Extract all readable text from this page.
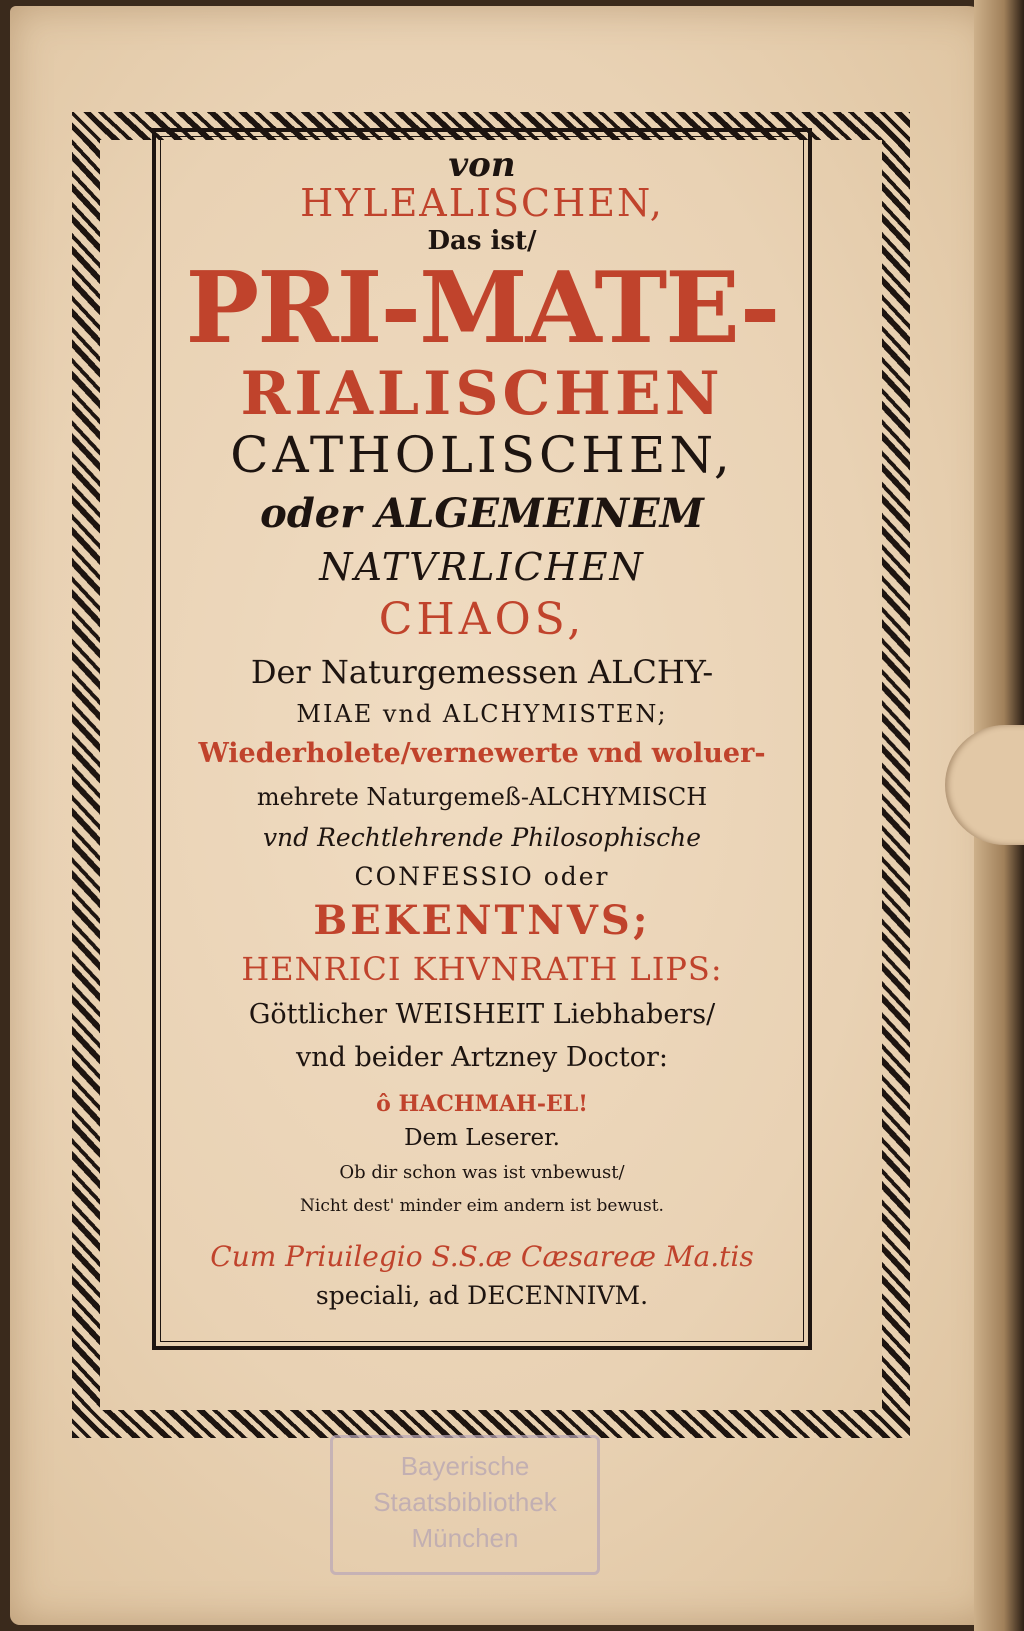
von
HYLEALISCHEN,
Das ist/
PRI-MATE-
RIALISCHEN
CATHOLISCHEN,
oder ALGEMEINEM
NATVRLICHEN
CHAOS,
Der Naturgemessen ALCHY-
MIAE vnd ALCHYMISTEN;
Wiederholete/vernewerte vnd woluer-
mehrete Naturgemeß-ALCHYMISCH
vnd Rechtlehrende Philosophische
CONFESSIO oder
BEKENTNVS;
HENRICI KHVNRATH LIPS:
Göttlicher WEISHEIT Liebhabers/
vnd beider Artzney Doctor:
ô HACHMAH-EL!
Dem Leserer.
Ob dir schon was ist vnbewust/
Nicht dest' minder eim andern ist bewust.
Cum Priuilegio S.S.æ Cæsareæ Ma.tis
speciali, ad DECENNIVM.
Bayerische
Staatsbibliothek
München
